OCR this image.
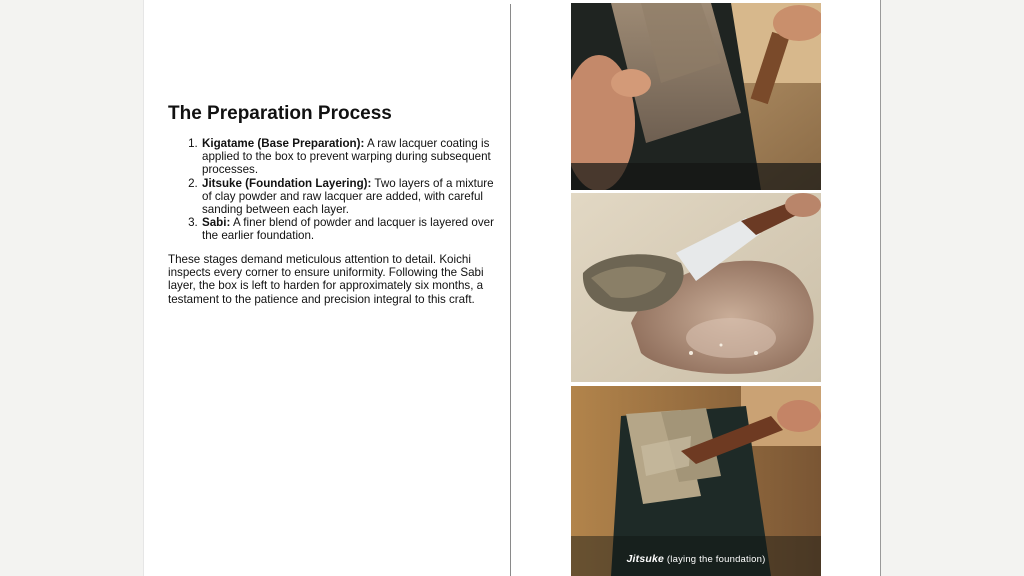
The Preparation Process
1. Kigatame (Base Preparation): A raw lacquer coating is applied to the box to prevent warping during subsequent processes.
2. Jitsuke (Foundation Layering): Two layers of a mixture of clay powder and raw lacquer are added, with careful sanding between each layer.
3. Sabi: A finer blend of powder and lacquer is layered over the earlier foundation.

These stages demand meticulous attention to detail. Koichi inspects every corner to ensure uniformity. Following the Sabi layer, the box is left to harden for approximately six months, a testament to the patience and precision integral to this craft.

Jitsuke (laying the foundation)
